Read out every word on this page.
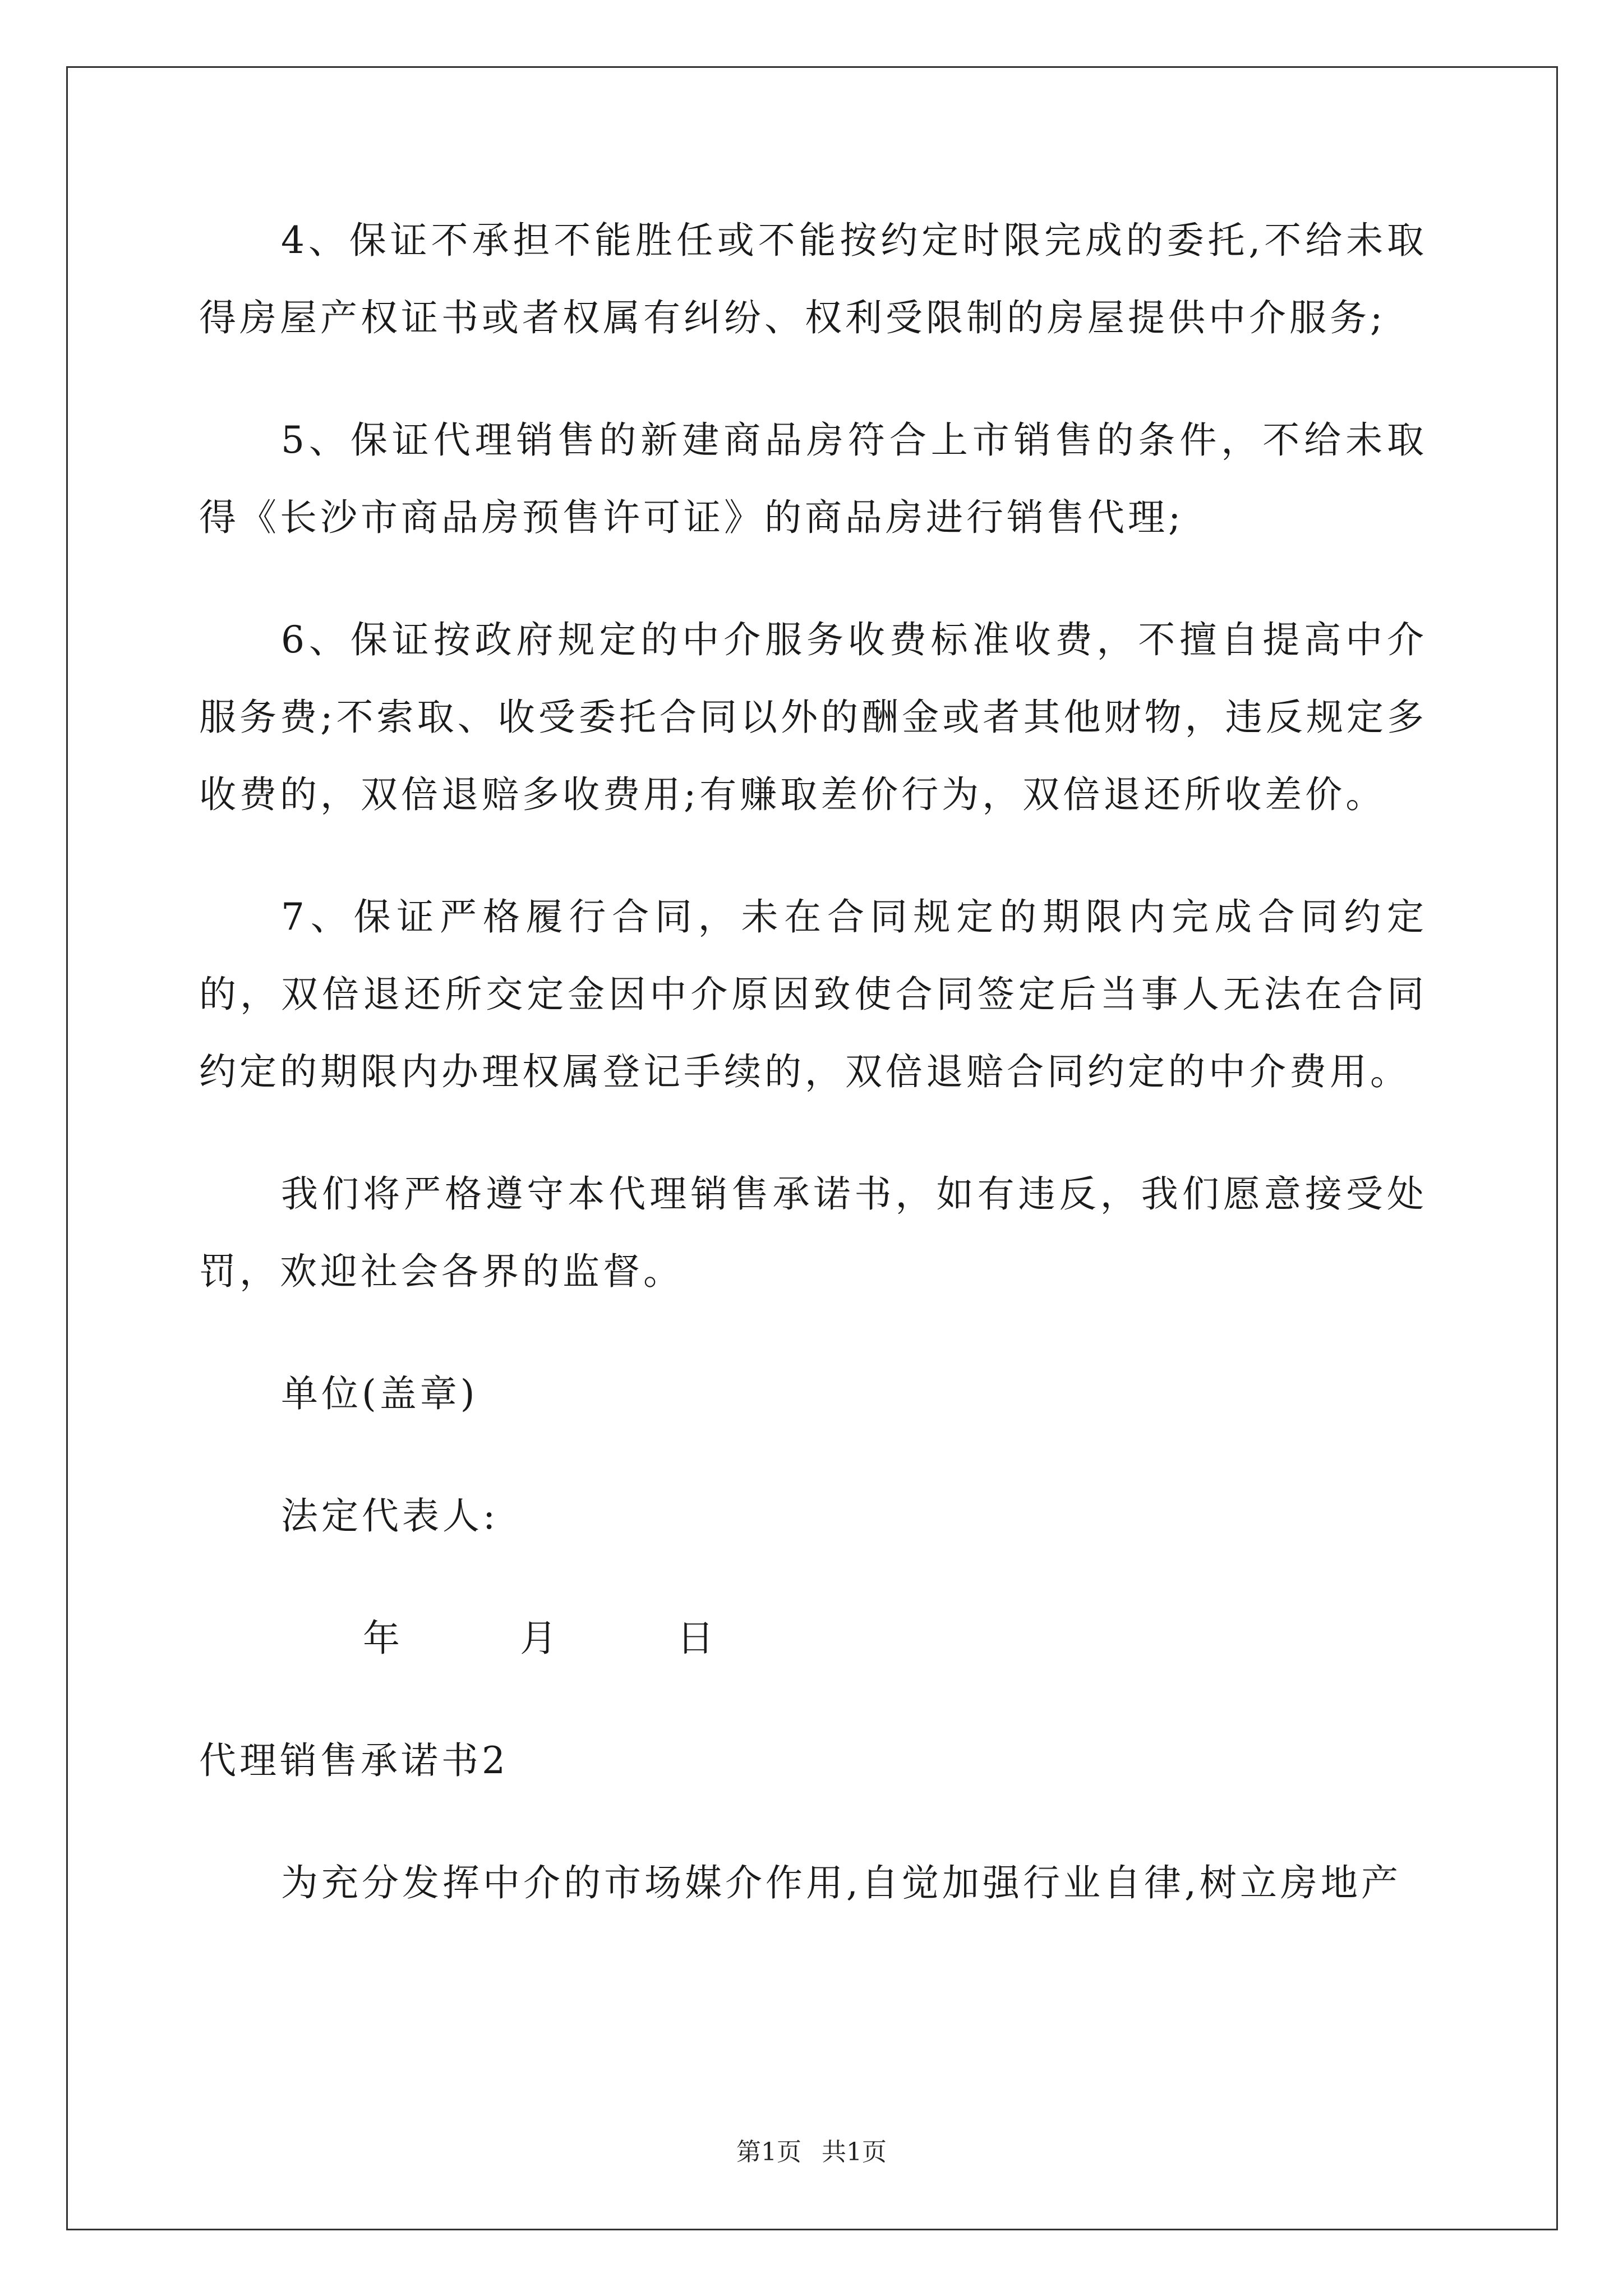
4、保证不承担不能胜任或不能按约定时限完成的委托,不给未取得房屋产权证书或者权属有纠纷、权利受限制的房屋提供中介服务;

5、保证代理销售的新建商品房符合上市销售的条件，不给未取得《长沙市商品房预售许可证》的商品房进行销售代理;

6、保证按政府规定的中介服务收费标准收费，不擅自提高中介服务费;不索取、收受委托合同以外的酬金或者其他财物，违反规定多收费的，双倍退赔多收费用;有赚取差价行为，双倍退还所收差价。

7、保证严格履行合同，未在合同规定的期限内完成合同约定的，双倍退还所交定金因中介原因致使合同签定后当事人无法在合同约定的期限内办理权属登记手续的，双倍退赔合同约定的中介费用。

我们将严格遵守本代理销售承诺书，如有违反，我们愿意接受处罚，欢迎社会各界的监督。

单位(盖章)

法定代表人:

年	月	日

代理销售承诺书2

为充分发挥中介的市场媒介作用,自觉加强行业自律,树立房地产

第1页 共1页
